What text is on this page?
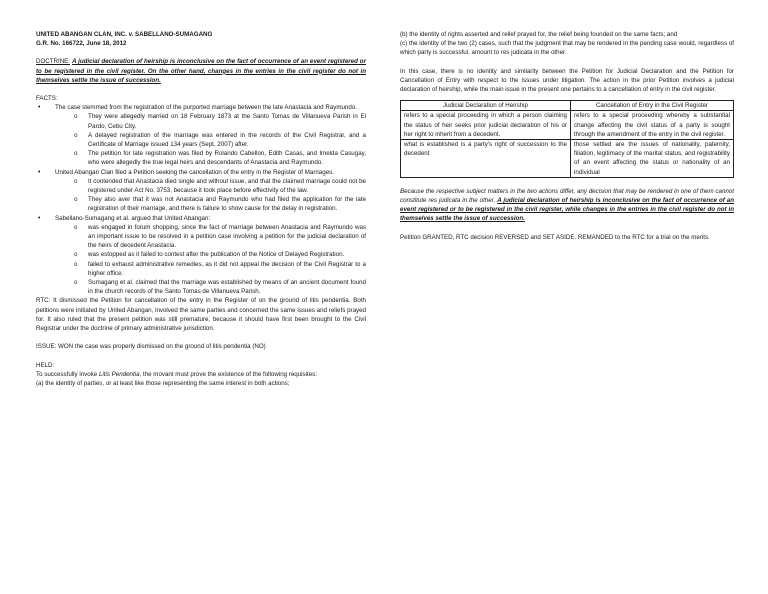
UNITED ABANGAN CLAN, INC. v. SABELLANO-SUMAGANG

G.R. No. 166722, June 18, 2012

DOCTRINE: A judicial declaration of heirship is inconclusive on the fact of occurrence of an event registered or to be registered in the civil register. On the other hand, changes in the entries in the civil register do not in themselves settle the issue of succession.

FACTS:

• The case stemmed from the registration of the purported marriage between the late Anastacia and Raymundo.
o They were allegedly married on 18 February 1873 at the Santo Tomas de Villanueva Parish in El Pardo, Cebu City.
o A delayed registration of the marriage was entered in the records of the Civil Registrar, and a Certificate of Marriage issued 134 years (Sept. 2007) after.
o The petition for late registration was filed by Rolando Cabellon, Edith Casas, and Imelda Casugay, who were allegedly the true legal heirs and descendants of Anastacia and Raymundo.
• United Abangan Clan filed a Petition seeking the cancellation of the entry in the Register of Marriages.
o It contended that Anastacia died single and without issue, and that the claimed marriage could not be registered under Act No. 3753, because it took place before effectivity of the law.
o They also aver that it was not Anastacia and Raymundo who had filed the application for the late registration of their marriage, and there is failure to show cause for the delay in registration.
• Sabellano-Sumagang et al. argued that United Abangan:
o was engaged in forum shopping, since the fact of marriage between Anastacia and Raymundo was an important issue to be resolved in a petition case involving a petition for the judicial declaration of the heirs of decedent Anastacia.
o was estopped as it failed to contest after the publication of the Notice of Delayed Registration.
o failed to exhaust administrative remedies, as it did not appeal the decision of the Civil Registrar to a higher office.
o Sumagang et al. claimed that the marriage was established by means of an ancient document found in the church records of the Santo Tomas de Villanueva Parish.

RTC: It dismissed the Petition for cancellation of the entry in the Register of on the ground of litis pendentia. Both petitions were initiated by United Abangan, involved the same parties and concerned the same issues and reliefs prayed for. It also ruled that the present petition was still premature, because it should have first been brought to the Civil Registrar under the doctrine of primary administrative jurisdiction.

ISSUE: WON the case was properly dismissed on the ground of litis pendentia (NO)

HELD:

To successfully invoke Litis Pendentia, the movant must prove the existence of the following requisites:

(a) the identity of parties, or at least like those representing the same interest in both actions;

(b) the identity of rights asserted and relief prayed for, the relief being founded on the same facts; and

(c) the identity of the two (2) cases, such that the judgment that may be rendered in the pending case would, regardless of which party is successful, amount to res judicata in the other.

In this case, there is no identity and similarity between the Petition for Judicial Declaration and the Petition for Cancellation of Entry with respect to the issues under litigation. The action in the prior Petition involves a judicial declaration of heirship, while the main issue in the present one pertains to a cancellation of entry in the civil register.

Judicial Declaration of Heirship	Cancellation of Entry in the Civil Register
refers to a special proceeding in which a person claiming the status of heir seeks prior judicial declaration of his or her right to inherit from a decedent.	refers to a special proceeding whereby a substantial change affecting the civil status of a party is sought through the amendment of the entry in the civil register.
what is established is a party's right of succession to the decedent	those settled are the issues of nationality, paternity, filiation, legitimacy of the marital status, and registrability of an event affecting the status or nationality of an individual

Because the respective subject matters in the two actions differ, any decision that may be rendered in one of them cannot constitute res judicata in the other. A judicial declaration of heirship is inconclusive on the fact of occurrence of an event registered or to be registered in the civil register, while changes in the entries in the civil register do not in themselves settle the issue of succession.

Petition GRANTED, RTC decision REVERSED and SET ASIDE. REMANDED to the RTC for a trial on the merits.
